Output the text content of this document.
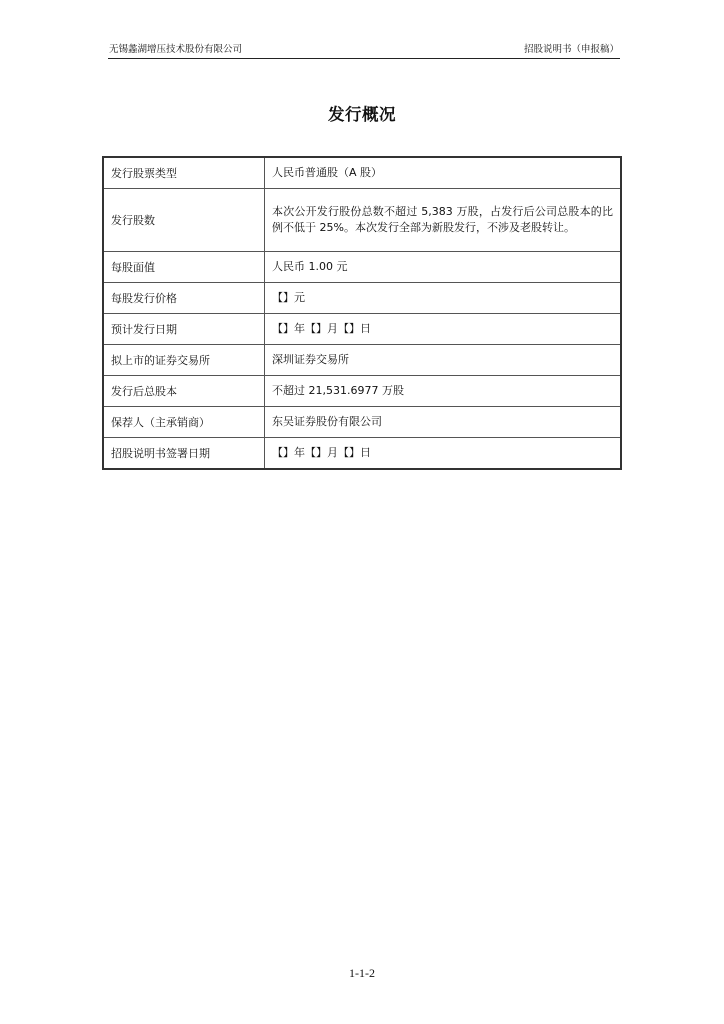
无锡蠡湖增压技术股份有限公司	招股说明书（申报稿）
发行概况
发行股票类型	人民币普通股（A 股）
发行股数	本次公开发行股份总数不超过 5,383 万股，占发行后公司总股本的比例不低于 25%。本次发行全部为新股发行，不涉及老股转让。
每股面值	人民币 1.00 元
每股发行价格	【】元
预计发行日期	【】年【】月【】日
拟上市的证券交易所	深圳证券交易所
发行后总股本	不超过 21,531.6977 万股
保荐人（主承销商）	东吴证券股份有限公司
招股说明书签署日期	【】年【】月【】日
1-1-2
